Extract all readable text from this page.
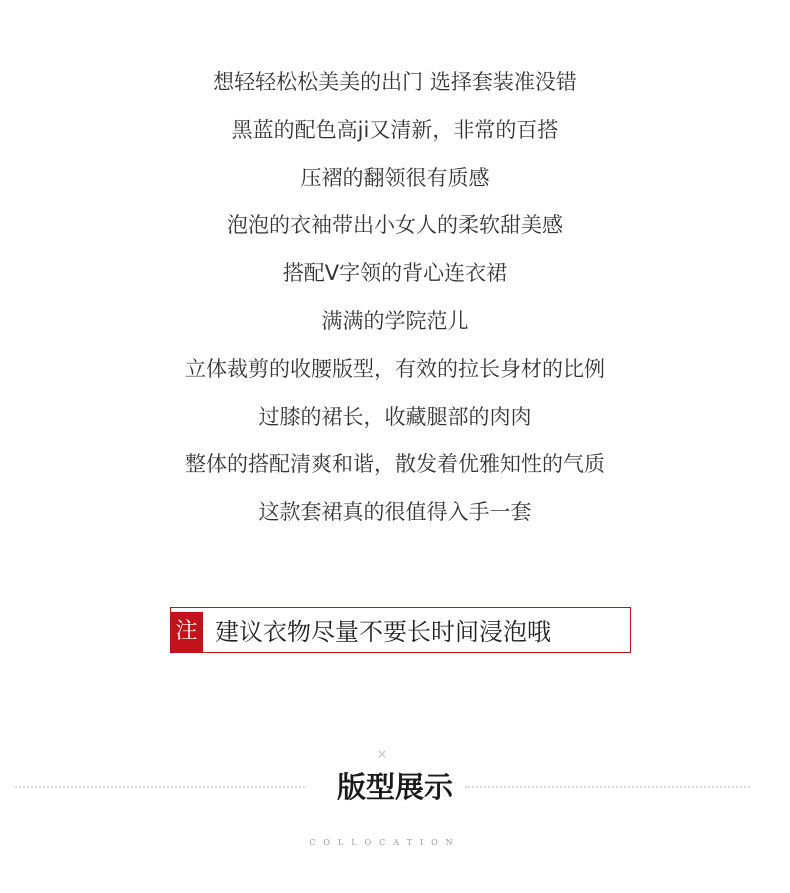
想轻轻松松美美的出门 选择套装准没错
黑蓝的配色高ji又清新，非常的百搭
压褶的翻领很有质感
泡泡的衣袖带出小女人的柔软甜美感
搭配V字领的背心连衣裙
满满的学院范儿
立体裁剪的收腰版型，有效的拉长身材的比例
过膝的裙长，收藏腿部的肉肉
整体的搭配清爽和谐，散发着优雅知性的气质
这款套裙真的很值得入手一套
注 建议衣物尽量不要长时间浸泡哦
×
版型展示
COLLOCATION
